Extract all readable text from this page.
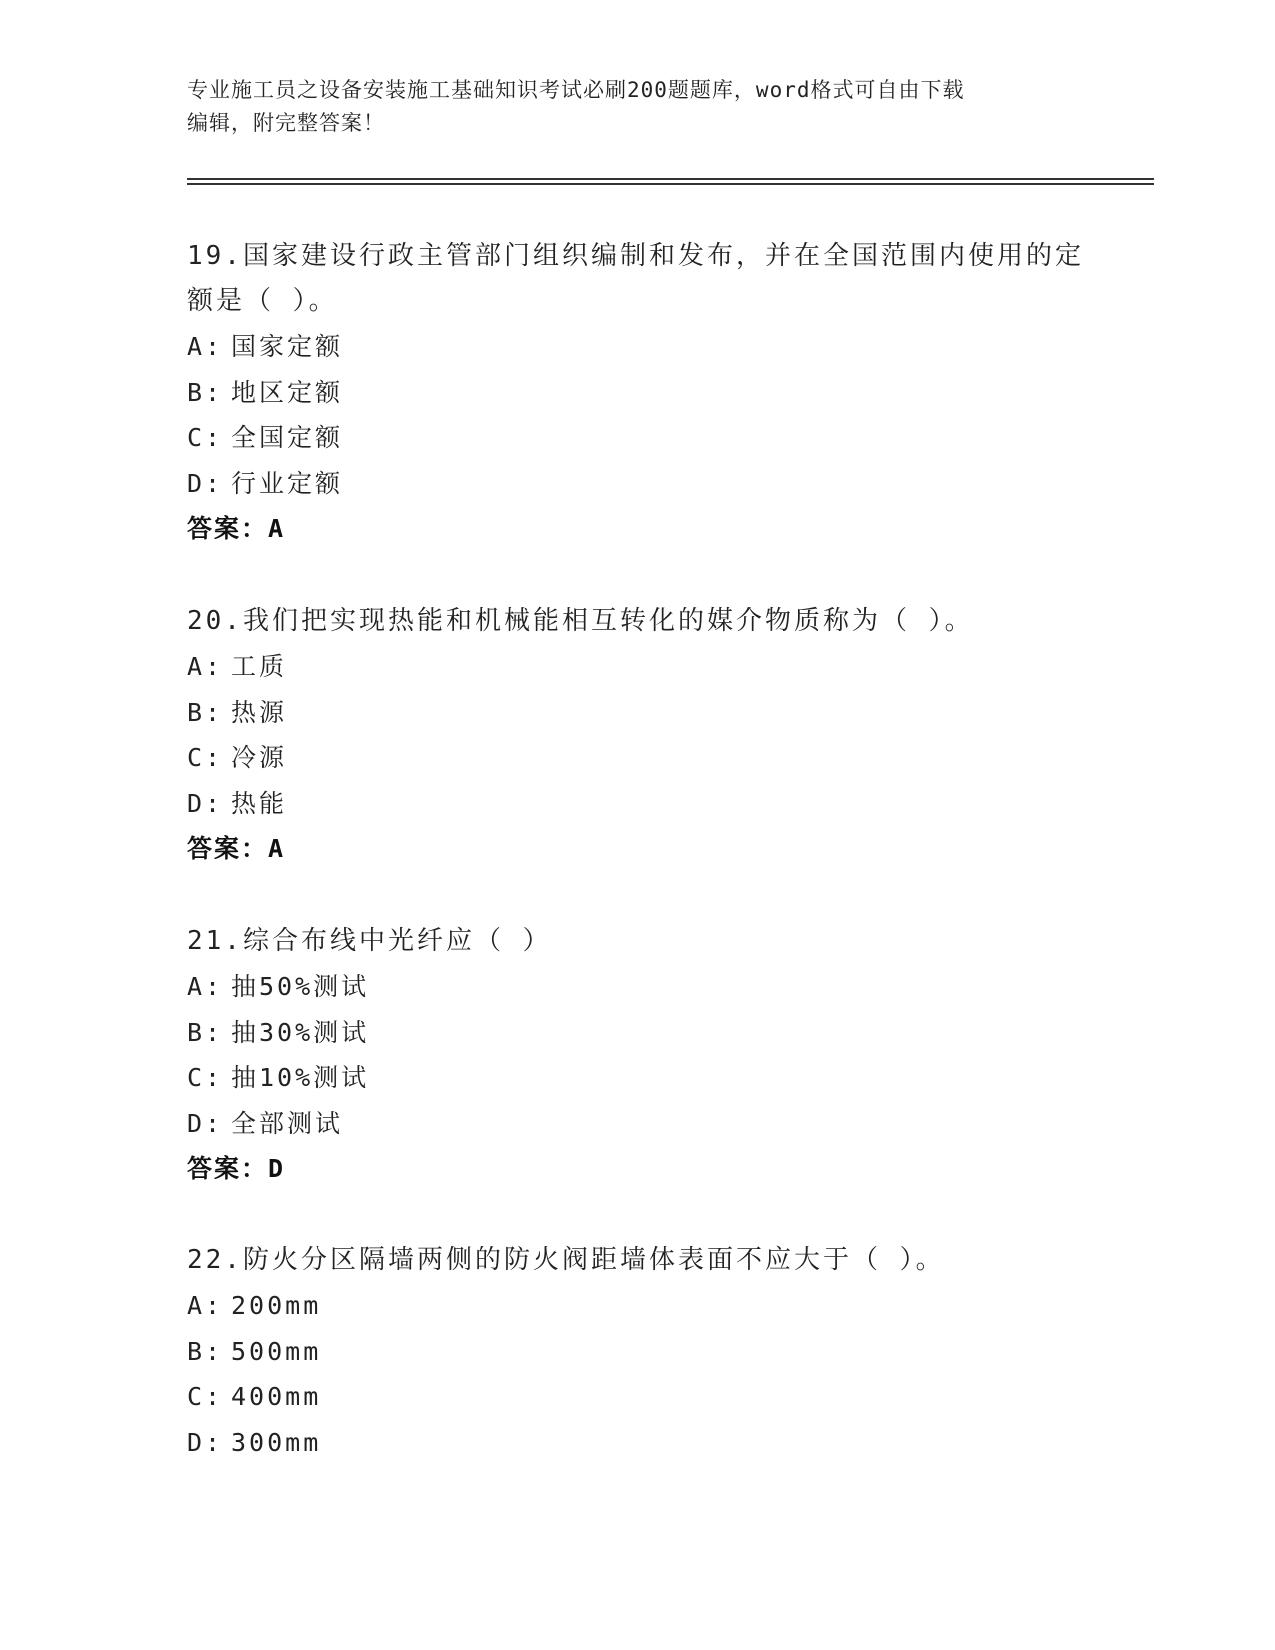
专业施工员之设备安装施工基础知识考试必刷200题题库，word格式可自由下载
编辑，附完整答案！
19.国家建设行政主管部门组织编制和发布，并在全国范围内使用的定
额是（ ）。
A: 国家定额
B: 地区定额
C: 全国定额
D: 行业定额
答案：A
20.我们把实现热能和机械能相互转化的媒介物质称为（ ）。
A: 工质
B: 热源
C: 冷源
D: 热能
答案：A
21.综合布线中光纤应（ ）
A: 抽50%测试
B: 抽30%测试
C: 抽10%测试
D: 全部测试
答案：D
22.防火分区隔墙两侧的防火阀距墙体表面不应大于（ ）。
A: 200mm
B: 500mm
C: 400mm
D: 300mm
